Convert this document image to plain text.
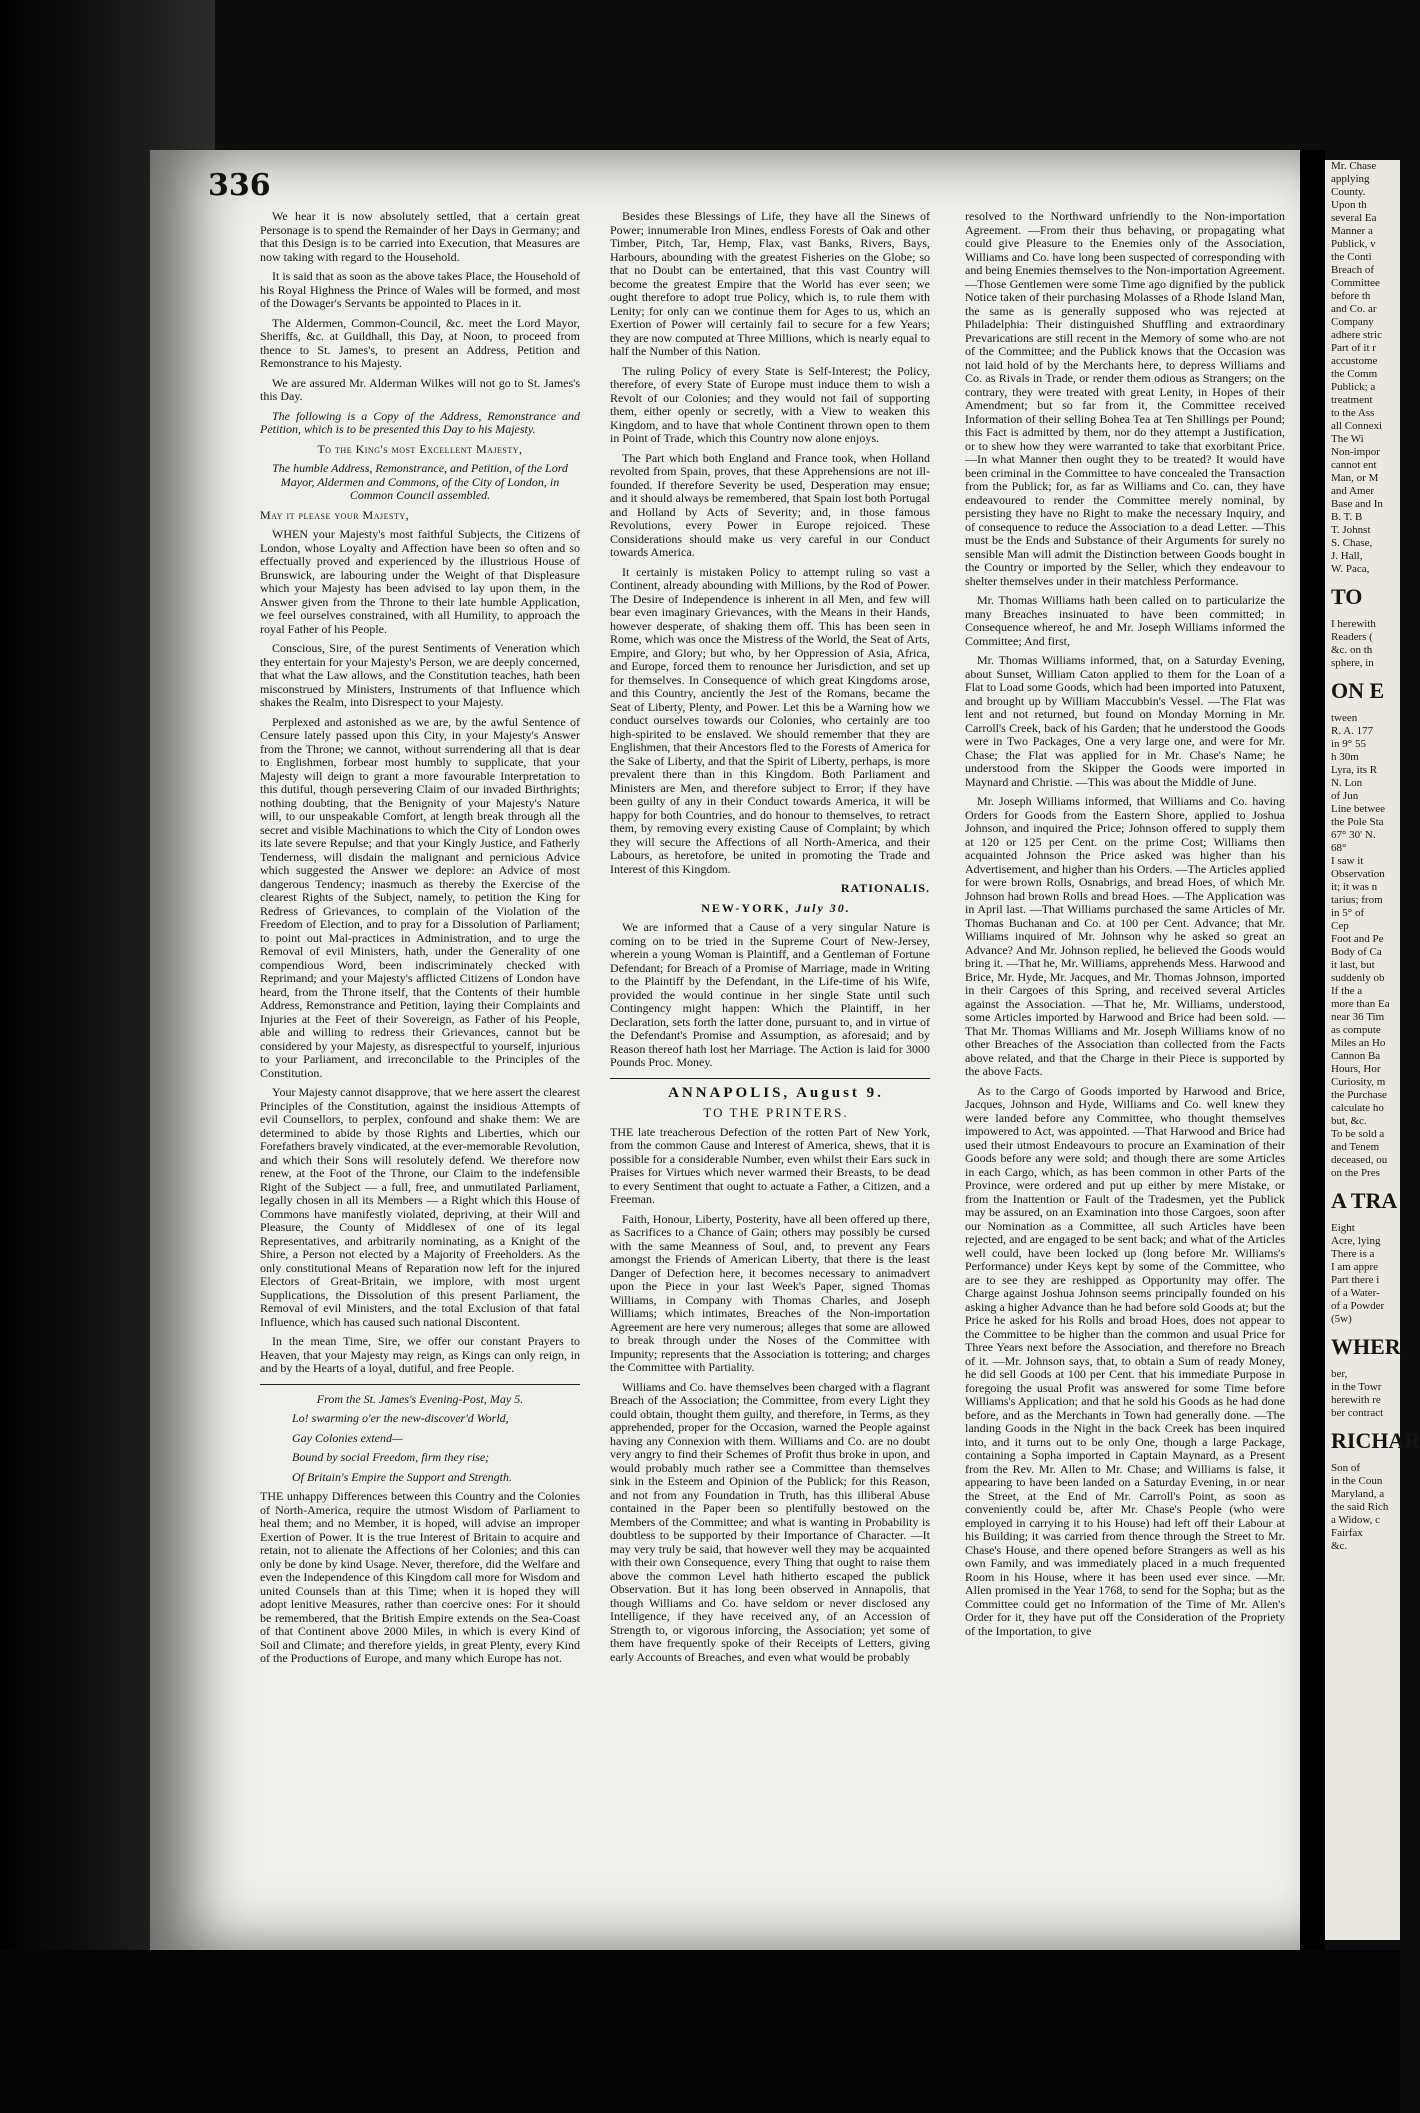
336

We hear it is now absolutely settled, that a certain great Personage is to spend the Remainder of her Days in Germany; and that this Design is to be carried into Execution, that Measures are now taking with regard to the Household.

It is said that as soon as the above takes Place, the Household of his Royal Highness the Prince of Wales will be formed, and most of the Dowager's Servants be appointed to Places in it.

The Aldermen, Common-Council, &c. meet the Lord Mayor, Sheriffs, &c. at Guildhall, this Day, at Noon, to proceed from thence to St. James's, to present an Address, Petition and Remonstrance to his Majesty.

We are assured Mr. Alderman Wilkes will not go to St. James's this Day.

The following is a Copy of the Address, Remonstrance and Petition, which is to be presented this Day to his Majesty.

To the King's most Excellent Majesty,

The humble Address, Remonstrance, and Petition, of the Lord Mayor, Aldermen and Commons, of the City of London, in Common Council assembled.

May it please your Majesty,

WHEN your Majesty's most faithful Subjects, the Citizens of London, whose Loyalty and Affection have been so often and so effectually proved and experienced by the illustrious House of Brunswick, are labouring under the Weight of that Displeasure which your Majesty has been advised to lay upon them, in the Answer given from the Throne to their late humble Application, we feel ourselves constrained, with all Humility, to approach the royal Father of his People.

Conscious, Sire, of the purest Sentiments of Veneration which they entertain for your Majesty's Person, we are deeply concerned, that what the Law allows, and the Constitution teaches, hath been misconstrued by Ministers, Instruments of that Influence which shakes the Realm, into Disrespect to your Majesty.

Perplexed and astonished as we are, by the awful Sentence of Censure lately passed upon this City, in your Majesty's Answer from the Throne; we cannot, without surrendering all that is dear to Englishmen, forbear most humbly to supplicate, that your Majesty will deign to grant a more favourable Interpretation to this dutiful, though persevering Claim of our invaded Birthrights; nothing doubting, that the Benignity of your Majesty's Nature will, to our unspeakable Comfort, at length break through all the secret and visible Machinations to which the City of London owes its late severe Repulse; and that your Kingly Justice, and Fatherly Tenderness, will disdain the malignant and pernicious Advice which suggested the Answer we deplore: an Advice of most dangerous Tendency; inasmuch as thereby the Exercise of the clearest Rights of the Subject, namely, to petition the King for Redress of Grievances, to complain of the Violation of the Freedom of Election, and to pray for a Dissolution of Parliament; to point out Mal-practices in Administration, and to urge the Removal of evil Ministers, hath, under the Generality of one compendious Word, been indiscriminately checked with Reprimand; and your Majesty's afflicted Citizens of London have heard, from the Throne itself, that the Contents of their humble Address, Remonstrance and Petition, laying their Complaints and Injuries at the Feet of their Sovereign, as Father of his People, able and willing to redress their Grievances, cannot but be considered by your Majesty, as disrespectful to yourself, injurious to your Parliament, and irreconcilable to the Principles of the Constitution.

Your Majesty cannot disapprove, that we here assert the clearest Principles of the Constitution, against the insidious Attempts of evil Counsellors, to perplex, confound and shake them: We are determined to abide by those Rights and Liberties, which our Forefathers bravely vindicated, at the ever-memorable Revolution, and which their Sons will resolutely defend. We therefore now renew, at the Foot of the Throne, our Claim to the indefensible Right of the Subject — a full, free, and unmutilated Parliament, legally chosen in all its Members — a Right which this House of Commons have manifestly violated, depriving, at their Will and Pleasure, the County of Middlesex of one of its legal Representatives, and arbitrarily nominating, as a Knight of the Shire, a Person not elected by a Majority of Freeholders. As the only constitutional Means of Reparation now left for the injured Electors of Great-Britain, we implore, with most urgent Supplications, the Dissolution of this present Parliament, the Removal of evil Ministers, and the total Exclusion of that fatal Influence, which has caused such national Discontent.

In the mean Time, Sire, we offer our constant Prayers to Heaven, that your Majesty may reign, as Kings can only reign, in and by the Hearts of a loyal, dutiful, and free People.

From the St. James's Evening-Post, May 5.

Lo! swarming o'er the new-discover'd World,

Gay Colonies extend—

Bound by social Freedom, firm they rise;

Of Britain's Empire the Support and Strength.

THE unhappy Differences between this Country and the Colonies of North-America, require the utmost Wisdom of Parliament to heal them; and no Member, it is hoped, will advise an improper Exertion of Power. It is the true Interest of Britain to acquire and retain, not to alienate the Affections of her Colonies; and this can only be done by kind Usage. Never, therefore, did the Welfare and even the Independence of this Kingdom call more for Wisdom and united Counsels than at this Time; when it is hoped they will adopt lenitive Measures, rather than coercive ones: For it should be remembered, that the British Empire extends on the Sea-Coast of that Continent above 2000 Miles, in which is every Kind of Soil and Climate; and therefore yields, in great Plenty, every Kind of the Productions of Europe, and many which Europe has not.

Besides these Blessings of Life, they have all the Sinews of Power; innumerable Iron Mines, endless Forests of Oak and other Timber, Pitch, Tar, Hemp, Flax, vast Banks, Rivers, Bays, Harbours, abounding with the greatest Fisheries on the Globe; so that no Doubt can be entertained, that this vast Country will become the greatest Empire that the World has ever seen; we ought therefore to adopt true Policy, which is, to rule them with Lenity; for only can we continue them for Ages to us, which an Exertion of Power will certainly fail to secure for a few Years; they are now computed at Three Millions, which is nearly equal to half the Number of this Nation.

The ruling Policy of every State is Self-Interest; the Policy, therefore, of every State of Europe must induce them to wish a Revolt of our Colonies; and they would not fail of supporting them, either openly or secretly, with a View to weaken this Kingdom, and to have that whole Continent thrown open to them in Point of Trade, which this Country now alone enjoys.

The Part which both England and France took, when Holland revolted from Spain, proves, that these Apprehensions are not ill-founded. If therefore Severity be used, Desperation may ensue; and it should always be remembered, that Spain lost both Portugal and Holland by Acts of Severity; and, in those famous Revolutions, every Power in Europe rejoiced. These Considerations should make us very careful in our Conduct towards America.

It certainly is mistaken Policy to attempt ruling so vast a Continent, already abounding with Millions, by the Rod of Power. The Desire of Independence is inherent in all Men, and few will bear even imaginary Grievances, with the Means in their Hands, however desperate, of shaking them off. This has been seen in Rome, which was once the Mistress of the World, the Seat of Arts, Empire, and Glory; but who, by her Oppression of Asia, Africa, and Europe, forced them to renounce her Jurisdiction, and set up for themselves. In Consequence of which great Kingdoms arose, and this Country, anciently the Jest of the Romans, became the Seat of Liberty, Plenty, and Power. Let this be a Warning how we conduct ourselves towards our Colonies, who certainly are too high-spirited to be enslaved. We should remember that they are Englishmen, that their Ancestors fled to the Forests of America for the Sake of Liberty, and that the Spirit of Liberty, perhaps, is more prevalent there than in this Kingdom. Both Parliament and Ministers are Men, and therefore subject to Error; if they have been guilty of any in their Conduct towards America, it will be happy for both Countries, and do honour to themselves, to retract them, by removing every existing Cause of Complaint; by which they will secure the Affections of all North-America, and their Labours, as heretofore, be united in promoting the Trade and Interest of this Kingdom.

RATIONALIS.

NEW-YORK, July 30.

We are informed that a Cause of a very singular Nature is coming on to be tried in the Supreme Court of New-Jersey, wherein a young Woman is Plaintiff, and a Gentleman of Fortune Defendant; for Breach of a Promise of Marriage, made in Writing to the Plaintiff by the Defendant, in the Life-time of his Wife, provided the would continue in her single State until such Contingency might happen: Which the Plaintiff, in her Declaration, sets forth the latter done, pursuant to, and in virtue of the Defendant's Promise and Assumption, as aforesaid; and by Reason thereof hath lost her Marriage. The Action is laid for 3000 Pounds Proc. Money.

ANNAPOLIS, August 9.

TO THE PRINTERS.

THE late treacherous Defection of the rotten Part of New York, from the common Cause and Interest of America, shews, that it is possible for a considerable Number, even whilst their Ears suck in Praises for Virtues which never warmed their Breasts, to be dead to every Sentiment that ought to actuate a Father, a Citizen, and a Freeman.

Faith, Honour, Liberty, Posterity, have all been offered up there, as Sacrifices to a Chance of Gain; others may possibly be cursed with the same Meanness of Soul, and, to prevent any Fears amongst the Friends of American Liberty, that there is the least Danger of Defection here, it becomes necessary to animadvert upon the Piece in your last Week's Paper, signed Thomas Williams, in Company with Thomas Charles, and Joseph Williams; which intimates, Breaches of the Non-importation Agreement are here very numerous; alleges that some are allowed to break through under the Noses of the Committee with Impunity; represents that the Association is tottering; and charges the Committee with Partiality.

Williams and Co. have themselves been charged with a flagrant Breach of the Association; the Committee, from every Light they could obtain, thought them guilty, and therefore, in Terms, as they apprehended, proper for the Occasion, warned the People against having any Connexion with them. Williams and Co. are no doubt very angry to find their Schemes of Profit thus broke in upon, and would probably much rather see a Committee than themselves sink in the Esteem and Opinion of the Publick; for this Reason, and not from any Foundation in Truth, has this illiberal Abuse contained in the Paper been so plentifully bestowed on the Members of the Committee; and what is wanting in Probability is doubtless to be supported by their Importance of Character. —It may very truly be said, that however well they may be acquainted with their own Consequence, every Thing that ought to raise them above the common Level hath hitherto escaped the publick Observation. But it has long been observed in Annapolis, that though Williams and Co. have seldom or never disclosed any Intelligence, if they have received any, of an Accession of Strength to, or vigorous inforcing, the Association; yet some of them have frequently spoke of their Receipts of Letters, giving early Accounts of Breaches, and even what would be probably

resolved to the Northward unfriendly to the Non-importation Agreement. —From their thus behaving, or propagating what could give Pleasure to the Enemies only of the Association, Williams and Co. have long been suspected of corresponding with and being Enemies themselves to the Non-importation Agreement. —Those Gentlemen were some Time ago dignified by the publick Notice taken of their purchasing Molasses of a Rhode Island Man, the same as is generally supposed who was rejected at Philadelphia: Their distinguished Shuffling and extraordinary Prevarications are still recent in the Memory of some who are not of the Committee; and the Publick knows that the Occasion was not laid hold of by the Merchants here, to depress Williams and Co. as Rivals in Trade, or render them odious as Strangers; on the contrary, they were treated with great Lenity, in Hopes of their Amendment; but so far from it, the Committee received Information of their selling Bohea Tea at Ten Shillings per Pound; this Fact is admitted by them, nor do they attempt a Justification, or to shew how they were warranted to take that exorbitant Price. —In what Manner then ought they to be treated? It would have been criminal in the Committee to have concealed the Transaction from the Publick; for, as far as Williams and Co. can, they have endeavoured to render the Committee merely nominal, by persisting they have no Right to make the necessary Inquiry, and of consequence to reduce the Association to a dead Letter. —This must be the Ends and Substance of their Arguments for surely no sensible Man will admit the Distinction between Goods bought in the Country or imported by the Seller, which they endeavour to shelter themselves under in their matchless Performance.

Mr. Thomas Williams hath been called on to particularize the many Breaches insinuated to have been committed; in Consequence whereof, he and Mr. Joseph Williams informed the Committee; And first,

Mr. Thomas Williams informed, that, on a Saturday Evening, about Sunset, William Caton applied to them for the Loan of a Flat to Load some Goods, which had been imported into Patuxent, and brought up by William Maccubbin's Vessel. —The Flat was lent and not returned, but found on Monday Morning in Mr. Carroll's Creek, back of his Garden; that he understood the Goods were in Two Packages, One a very large one, and were for Mr. Chase; the Flat was applied for in Mr. Chase's Name; he understood from the Skipper the Goods were imported in Maynard and Christie. —This was about the Middle of June.

Mr. Joseph Williams informed, that Williams and Co. having Orders for Goods from the Eastern Shore, applied to Joshua Johnson, and inquired the Price; Johnson offered to supply them at 120 or 125 per Cent. on the prime Cost; Williams then acquainted Johnson the Price asked was higher than his Advertisement, and higher than his Orders. —The Articles applied for were brown Rolls, Osnabrigs, and bread Hoes, of which Mr. Johnson had brown Rolls and bread Hoes. —The Application was in April last. —That Williams purchased the same Articles of Mr. Thomas Buchanan and Co. at 100 per Cent. Advance; that Mr. Williams inquired of Mr. Johnson why he asked so great an Advance? And Mr. Johnson replied, he believed the Goods would bring it. —That he, Mr. Williams, apprehends Mess. Harwood and Brice, Mr. Hyde, Mr. Jacques, and Mr. Thomas Johnson, imported in their Cargoes of this Spring, and received several Articles against the Association. —That he, Mr. Williams, understood, some Articles imported by Harwood and Brice had been sold. —That Mr. Thomas Williams and Mr. Joseph Williams know of no other Breaches of the Association than collected from the Facts above related, and that the Charge in their Piece is supported by the above Facts.

As to the Cargo of Goods imported by Harwood and Brice, Jacques, Johnson and Hyde, Williams and Co. well knew they were landed before any Committee, who thought themselves impowered to Act, was appointed. —That Harwood and Brice had used their utmost Endeavours to procure an Examination of their Goods before any were sold; and though there are some Articles in each Cargo, which, as has been common in other Parts of the Province, were ordered and put up either by mere Mistake, or from the Inattention or Fault of the Tradesmen, yet the Publick may be assured, on an Examination into those Cargoes, soon after our Nomination as a Committee, all such Articles have been rejected, and are engaged to be sent back; and what of the Articles well could, have been locked up (long before Mr. Williams's Performance) under Keys kept by some of the Committee, who are to see they are reshipped as Opportunity may offer. The Charge against Joshua Johnson seems principally founded on his asking a higher Advance than he had before sold Goods at; but the Price he asked for his Rolls and broad Hoes, does not appear to the Committee to be higher than the common and usual Price for Three Years next before the Association, and therefore no Breach of it. —Mr. Johnson says, that, to obtain a Sum of ready Money, he did sell Goods at 100 per Cent. that his immediate Purpose in foregoing the usual Profit was answered for some Time before Williams's Application; and that he sold his Goods as he had done before, and as the Merchants in Town had generally done. —The landing Goods in the Night in the back Creek has been inquired into, and it turns out to be only One, though a large Package, containing a Sopha imported in Captain Maynard, as a Present from the Rev. Mr. Allen to Mr. Chase; and Williams is false, it appearing to have been landed on a Saturday Evening, in or near the Street, at the End of Mr. Carroll's Point, as soon as conveniently could be, after Mr. Chase's People (who were employed in carrying it to his House) had left off their Labour at his Building; it was carried from thence through the Street to Mr. Chase's House, and there opened before Strangers as well as his own Family, and was immediately placed in a much frequented Room in his House, where it has been used ever since. —Mr. Allen promised in the Year 1768, to send for the Sopha; but as the Committee could get no Information of the Time of Mr. Allen's Order for it, they have put off the Consideration of the Propriety of the Importation, to give

Mr. Chase
applying
County.
Upon th
several Ea
Manner a
Publick, v
the Conti
Breach of
Committee
before th
and Co. ar
Company
adhere stric
Part of it r
accustome
the Comm
Publick; a
treatment
to the Ass
all Connexi
The Wi
Non-impor
cannot ent
Man, or M
and Amer
Base and In
B. T. B
T. Johnst
S. Chase,
J. Hall,
W. Paca,
TO
I herewith
Readers (
&c. on th
sphere, in
ON E
tween
R. A. 177
in 9° 55
h 30m
Lyra, its R
N. Lon
of Jun
Line betwee
the Pole Sta
67° 30' N.
68°
I saw it
Observation
it; it was n
tarius; from
in 5° of
Cep
Foot and Pe
Body of Ca
it last, but
suddenly ob
If the a
more than Ea
near 36 Tim
as compute
Miles an Ho
Cannon Ba
Hours, Hor
Curiosity, m
the Purchase
calculate ho
but, &c.
To be sold a
and Tenem
deceased, ou
on the Pres
A TRA
Eight
Acre, lying
There is a
I am appre
Part there i
of a Water-
of a Powder
(5w)
WHER
ber,
in the Towr
herewith re
ber contract
RICHAR
Son of
in the Coun
Maryland, a
the said Rich
a Widow, c
Fairfax
&c.
